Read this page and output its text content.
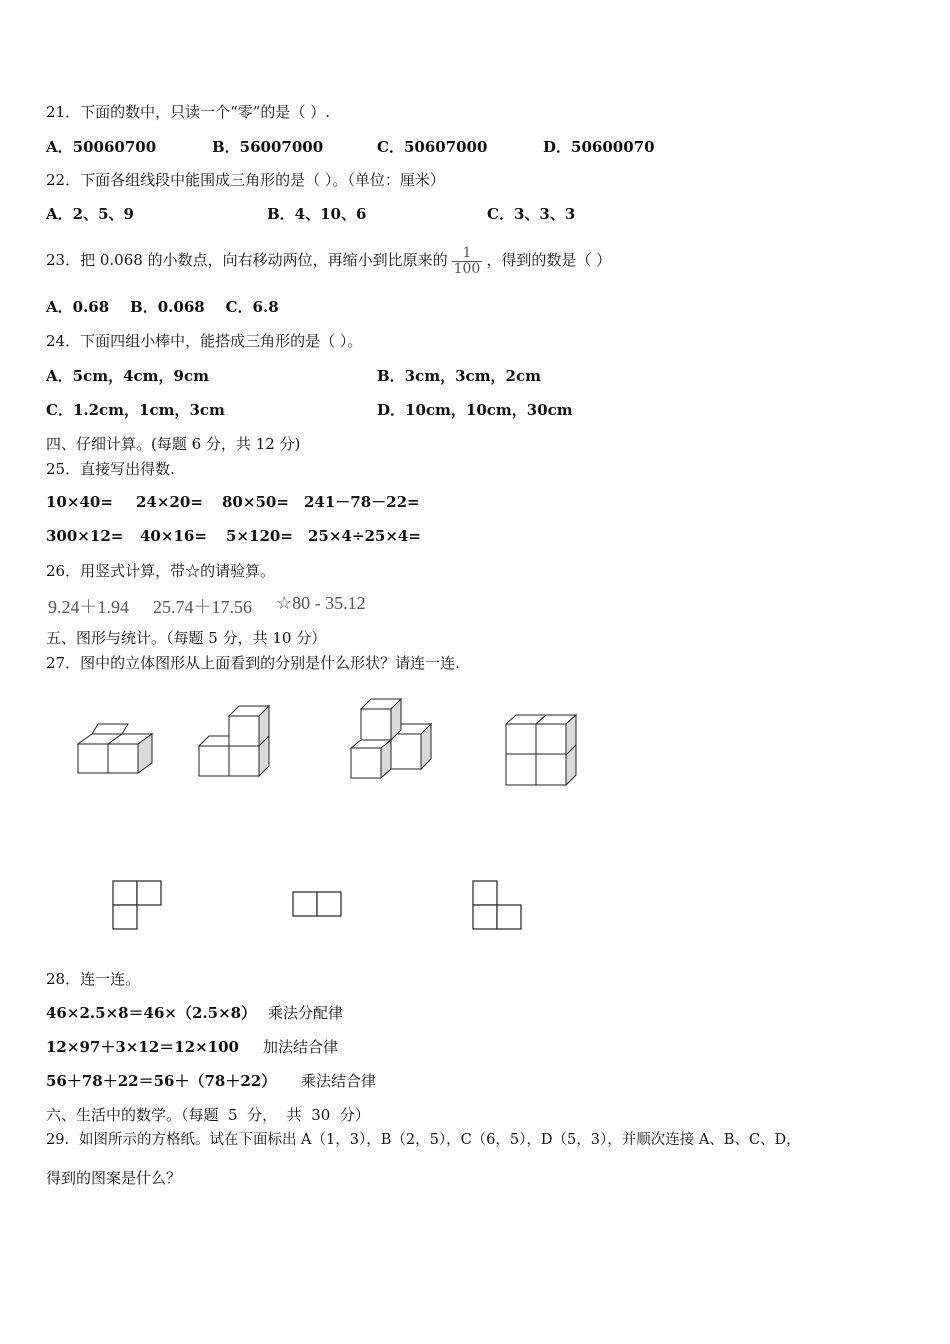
21．下面的数中，只读一个“零”的是（ ）.
A．50060700	B．56007000	C．50607000	D．50600070
22．下面各组线段中能围成三角形的是（ ）。（单位：厘米）
A．2、5、9	B．4、10、6	C．3、3、3
23．把 0.068 的小数点，向右移动两位，再缩小到比原来的 $\frac{1}{100}$ ，得到的数是（ ）
A．0.68    B．0.068    C．6.8
24．下面四组小棒中，能搭成三角形的是（ ）。
A．5cm，4cm，9cm	B．3cm，3cm，2cm
C．1.2cm，1cm，3cm	D．10cm，10cm，30cm
四、仔细计算。(每题 6 分，共 12 分)
25．直接写出得数.
10×40= 24×20= 80×50= 241－78－22=
300×12= 40×16= 5×120= 25×4÷25×4=
26．用竖式计算，带☆的请验算。
9.24＋1.94 25.74＋17.56 ☆80 - 35.12
五、图形与统计。（每题 5 分，共 10 分）
27．图中的立体图形从上面看到的分别是什么形状？请连一连.
28．连一连。
46×2.5×8＝46×（2.5×8） 乘法分配律
12×97＋3×12＝12×100 加法结合律
56＋78＋22＝56＋（78＋22） 乘法结合律
六、生活中的数学。（每题  5  分，  共  30  分）
29．如图所示的方格纸。试在下面标出 A（1，3），B（2，5），C（6，5），D（5，3），并顺次连接 A、B、C、D，
得到的图案是什么？
